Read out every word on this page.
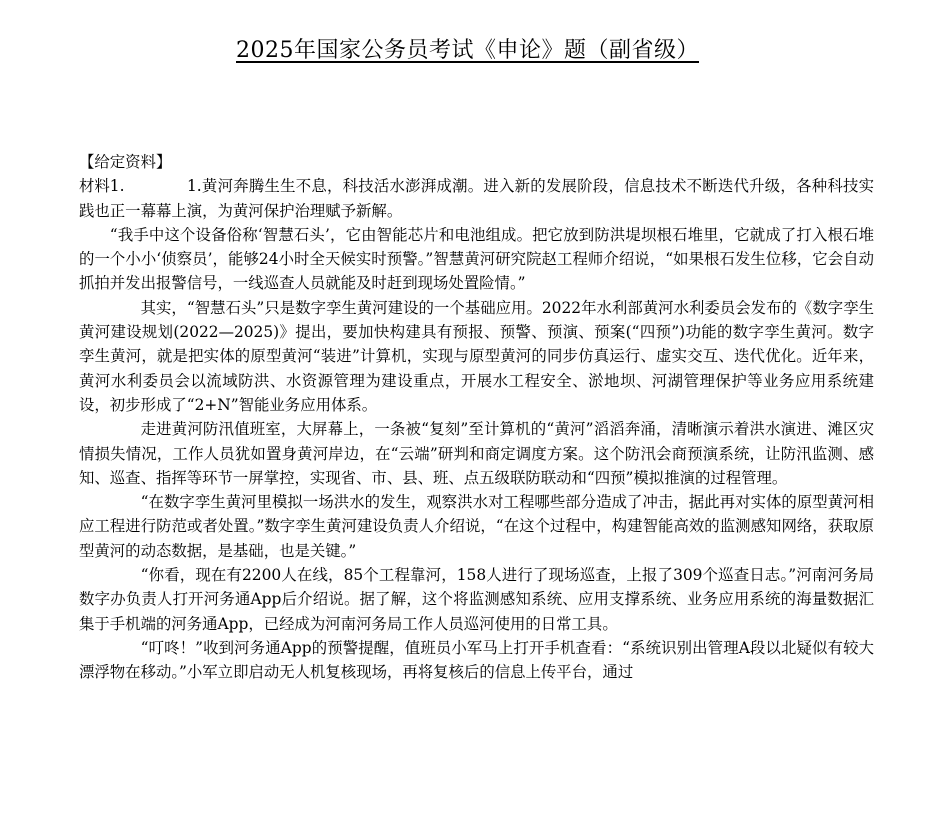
2025年国家公务员考试《申论》题（副省级）

【给定资料】

材料1.	1.黄河奔腾生生不息，科技活水澎湃成潮。进入新的发展阶段，信息技术不断迭代升级，各种科技实践也正一幕幕上演，为黄河保护治理赋予新解。

“我手中这个设备俗称‘智慧石头’，它由智能芯片和电池组成。把它放到防洪堤坝根石堆里，它就成了打入根石堆的一个小小‘侦察员’，能够24小时全天候实时预警。”智慧黄河研究院赵工程师介绍说，“如果根石发生位移，它会自动抓拍并发出报警信号，一线巡查人员就能及时赶到现场处置险情。”

其实，“智慧石头”只是数字孪生黄河建设的一个基础应用。2022年水利部黄河水利委员会发布的《数字孪生黄河建设规划(2022—2025)》提出，要加快构建具有预报、预警、预演、预案(“四预”)功能的数字孪生黄河。数字孪生黄河，就是把实体的原型黄河“装进”计算机，实现与原型黄河的同步仿真运行、虚实交互、迭代优化。近年来，黄河水利委员会以流域防洪、水资源管理为建设重点，开展水工程安全、淤地坝、河湖管理保护等业务应用系统建设，初步形成了“2+N”智能业务应用体系。

走进黄河防汛值班室，大屏幕上，一条被“复刻”至计算机的“黄河”滔滔奔涌，清晰演示着洪水演进、滩区灾情损失情况，工作人员犹如置身黄河岸边，在“云端”研判和商定调度方案。这个防汛会商预演系统，让防汛监测、感知、巡查、指挥等环节一屏掌控，实现省、市、县、班、点五级联防联动和“四预”模拟推演的过程管理。

“在数字孪生黄河里模拟一场洪水的发生，观察洪水对工程哪些部分造成了冲击，据此再对实体的原型黄河相应工程进行防范或者处置。”数字孪生黄河建设负责人介绍说，“在这个过程中，构建智能高效的监测感知网络，获取原型黄河的动态数据，是基础，也是关键。”

“你看，现在有2200人在线，85个工程靠河，158人进行了现场巡查，上报了309个巡查日志。”河南河务局数字办负责人打开河务通App后介绍说。据了解，这个将监测感知系统、应用支撑系统、业务应用系统的海量数据汇集于手机端的河务通App，已经成为河南河务局工作人员巡河使用的日常工具。

“叮咚！”收到河务通App的预警提醒，值班员小军马上打开手机查看：“系统识别出管理A段以北疑似有较大漂浮物在移动。”小军立即启动无人机复核现场，再将复核后的信息上传平台，通过
